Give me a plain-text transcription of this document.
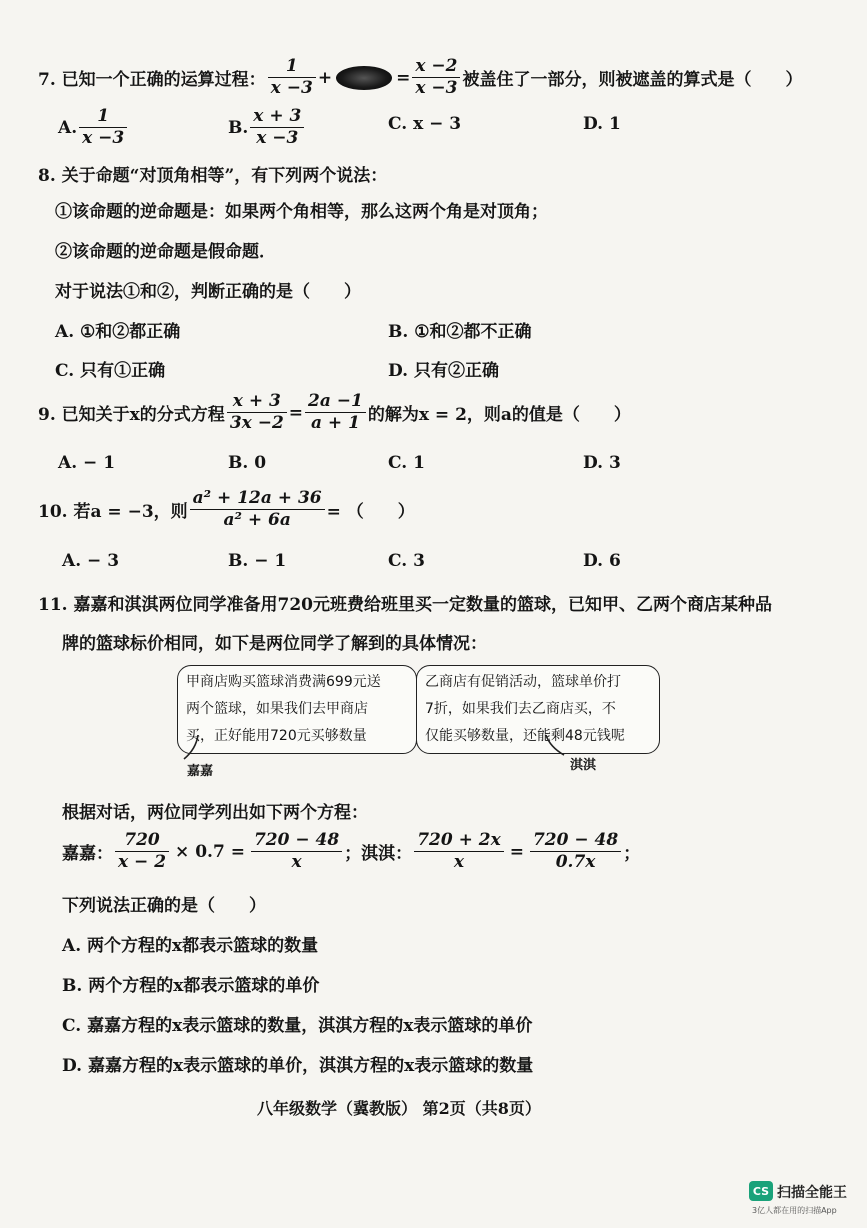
7. 已知一个正确的运算过程： $\frac{1}{x -3}$ +	= $\frac{x -2}{x -3}$ 被盖住了一部分，则被遮盖的算式是（　　）
A. $\frac{1}{x -3}$	B. $\frac{x + 3}{x -3}$	C. x − 3	D. 1
8. 关于命题“对顶角相等”，有下列两个说法：
①该命题的逆命题是：如果两个角相等，那么这两个角是对顶角；
②该命题的逆命题是假命题．
对于说法①和②，判断正确的是（　　）
A. ①和②都正确	B. ①和②都不正确
C. 只有①正确	D. 只有②正确
9. 已知关于x的分式方程 $\frac{x + 3}{3x -2} = \frac{2a -1}{a + 1}$ 的解为x = 2，则a的值是（　　）
A. − 1	B. 0	C. 1	D. 3
10. 若a = −3，则 $\frac{\text{a² + 12a + 36}}{\text{a² + 6a}}$ = （　　）
A. − 3	B. − 1	C. 3	D. 6
11. 嘉嘉和淇淇两位同学准备用720元班费给班里买一定数量的篮球，已知甲、乙两个商店某种品
牌的篮球标价相同，如下是两位同学了解到的具体情况：
甲商店购买篮球消费满699元送
两个篮球，如果我们去甲商店
买，正好能用720元买够数量
嘉嘉
乙商店有促销活动，篮球单价打
7折，如果我们去乙商店买，不
仅能买够数量，还能剩48元钱呢
淇淇
根据对话，两位同学列出如下两个方程：
嘉嘉： $\frac{720}{x - 2} \times 0.7 = \frac{720 - 48}{x}$ ；淇淇： $\frac{720 + 2x}{x} = \frac{720 - 48}{0.7x}$ ；
下列说法正确的是（　　）
A. 两个方程的x都表示篮球的数量
B. 两个方程的x都表示篮球的单价
C. 嘉嘉方程的x表示篮球的数量，淇淇方程的x表示篮球的单价
D. 嘉嘉方程的x表示篮球的单价，淇淇方程的x表示篮球的数量
八年级数学（冀教版） 第2页（共8页）
CS 扫描全能王
3亿人都在用的扫描App
